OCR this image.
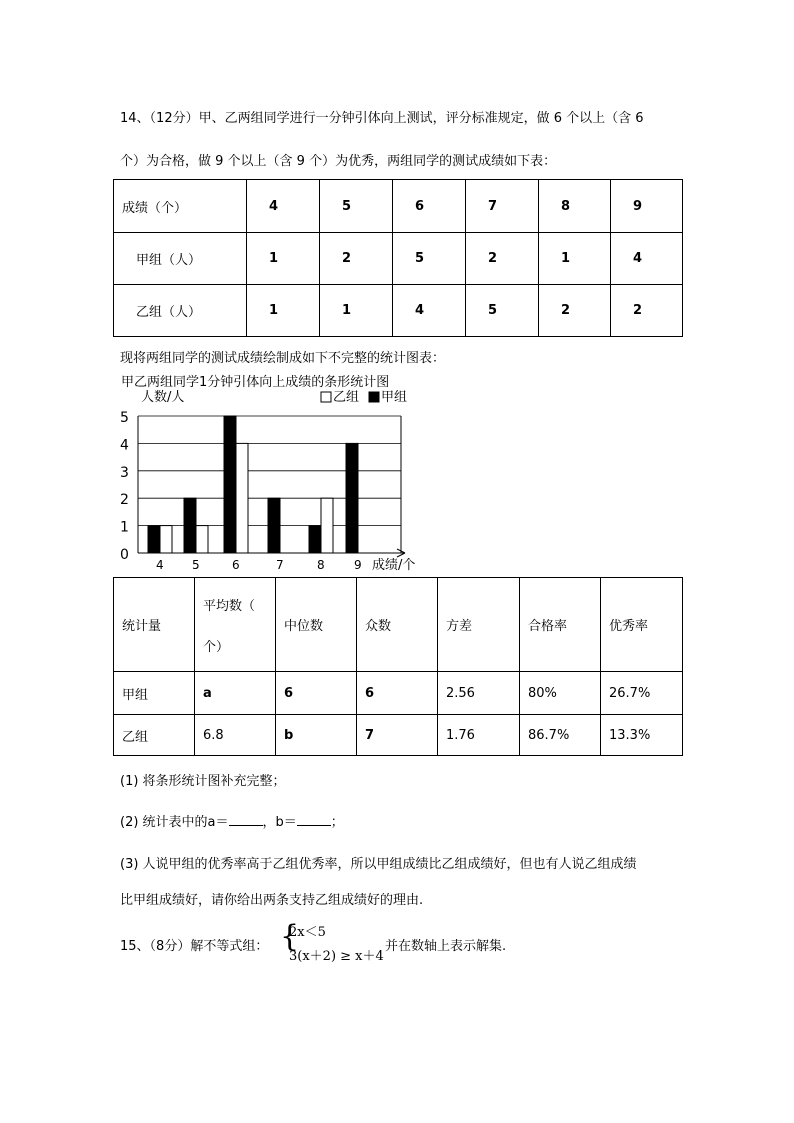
14、（12分）甲、乙两组同学进行一分钟引体向上测试，评分标准规定，做 6 个以上（含 6
个）为合格，做 9 个以上（含 9 个）为优秀，两组同学的测试成绩如下表：
成绩（个）	4	5	6	7	8	9
甲组（人）	1	2	5	2	1	4
乙组（人）	1	1	4	5	2	2
现将两组同学的测试成绩绘制成如下不完整的统计图表：
甲乙两组同学1分钟引体向上成绩的条形统计图
人数/人	乙组 甲组
0
1
2
3
4
5
4 5	6	7	8 9 成绩/个
统计量	平均数（
个）	中位数	众数	方差	合格率	优秀率
甲组	a	6	6	2.56	80%	26.7%
乙组	6.8	b	7	1.76	86.7%	13.3%
(1) 将条形统计图补充完整；
(2) 统计表中的a＝	，b＝	；
(3) 人说甲组的优秀率高于乙组优秀率，所以甲组成绩比乙组成绩好，但也有人说乙组成绩
比甲组成绩好，请你给出两条支持乙组成绩好的理由.
15、（8分）解不等式组： {
2x＜5
3(x＋2) ≥ x＋4
并在数轴上表示解集.
